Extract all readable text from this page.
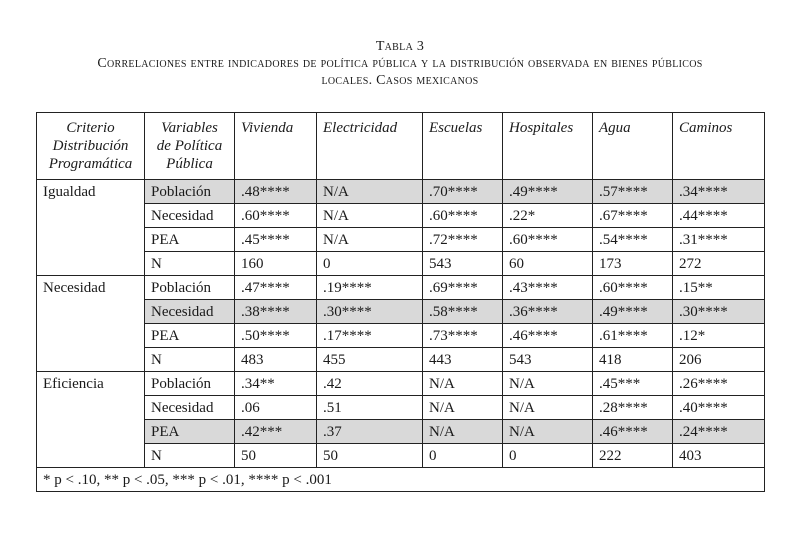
Tabla 3
Correlaciones entre indicadores de política pública y la distribución observada en bienes públicos
locales. Casos mexicanos
Criterio
Distribución
Programática	Variables
de Política
Pública	Vivienda	Electricidad	Escuelas	Hospitales	Agua	Caminos
Igualdad	Población	.48****	N/A	.70****	.49****	.57****	.34****
	Necesidad	.60****	N/A	.60****	.22*	.67****	.44****
	PEA	.45****	N/A	.72****	.60****	.54****	.31****
	N	160	0	543	60	173	272
Necesidad	Población	.47****	.19****	.69****	.43****	.60****	.15**
	Necesidad	.38****	.30****	.58****	.36****	.49****	.30****
	PEA	.50****	.17****	.73****	.46****	.61****	.12*
	N	483	455	443	543	418	206
Eficiencia	Población	.34**	.42	N/A	N/A	.45***	.26****
	Necesidad	.06	.51	N/A	N/A	.28****	.40****
	PEA	.42***	.37	N/A	N/A	.46****	.24****
	N	50	50	0	0	222	403
* p < .10, ** p < .05, *** p < .01, **** p < .001							
